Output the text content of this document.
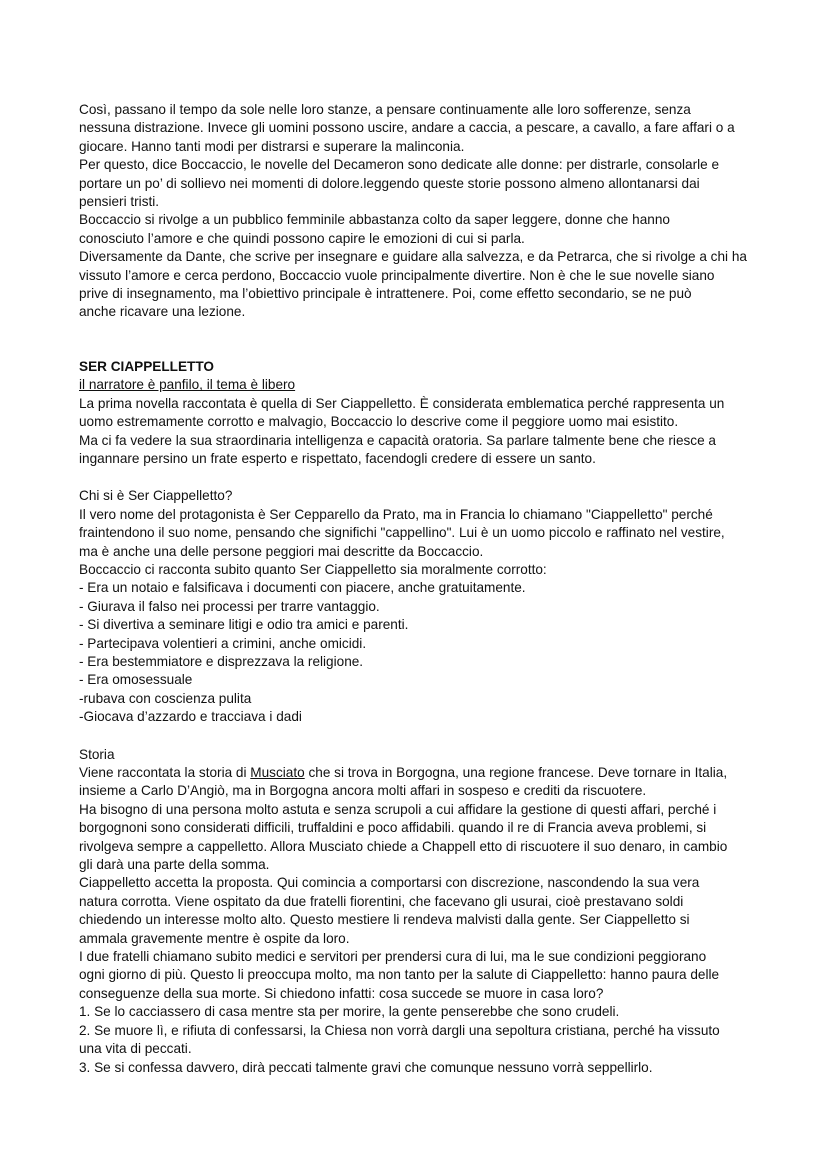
Così, passano il tempo da sole nelle loro stanze, a pensare continuamente alle loro sofferenze, senza
nessuna distrazione. Invece gli uomini possono uscire, andare a caccia, a pescare, a cavallo, a fare affari o a
giocare. Hanno tanti modi per distrarsi e superare la malinconia.
Per questo, dice Boccaccio, le novelle del Decameron sono dedicate alle donne: per distrarle, consolarle e
portare un po’ di sollievo nei momenti di dolore.leggendo queste storie possono almeno allontanarsi dai
pensieri tristi.
Boccaccio si rivolge a un pubblico femminile abbastanza colto da saper leggere, donne che hanno
conosciuto l’amore e che quindi possono capire le emozioni di cui si parla.
Diversamente da Dante, che scrive per insegnare e guidare alla salvezza, e da Petrarca, che si rivolge a chi ha
vissuto l’amore e cerca perdono, Boccaccio vuole principalmente divertire. Non è che le sue novelle siano
prive di insegnamento, ma l’obiettivo principale è intrattenere. Poi, come effetto secondario, se ne può
anche ricavare una lezione.
SER CIAPPELLETTO
il narratore è panfilo, il tema è libero
La prima novella raccontata è quella di Ser Ciappelletto. È considerata emblematica perché rappresenta un
uomo estremamente corrotto e malvagio, Boccaccio lo descrive come il peggiore uomo mai esistito.
Ma ci fa vedere la sua straordinaria intelligenza e capacità oratoria. Sa parlare talmente bene che riesce a
ingannare persino un frate esperto e rispettato, facendogli credere di essere un santo.
Chi si è Ser Ciappelletto?
Il vero nome del protagonista è Ser Cepparello da Prato, ma in Francia lo chiamano "Ciappelletto" perché
fraintendono il suo nome, pensando che significhi "cappellino". Lui è un uomo piccolo e raffinato nel vestire,
ma è anche una delle persone peggiori mai descritte da Boccaccio.
Boccaccio ci racconta subito quanto Ser Ciappelletto sia moralmente corrotto:
- Era un notaio e falsificava i documenti con piacere, anche gratuitamente.
- Giurava il falso nei processi per trarre vantaggio.
- Si divertiva a seminare litigi e odio tra amici e parenti.
- Partecipava volentieri a crimini, anche omicidi.
- Era bestemmiatore e disprezzava la religione.
- Era omosessuale
-rubava con coscienza pulita
-Giocava d’azzardo e tracciava i dadi
Storia
Viene raccontata la storia di Musciato che si trova in Borgogna, una regione francese. Deve tornare in Italia,
insieme a Carlo D’Angiò, ma in Borgogna ancora molti affari in sospeso e crediti da riscuotere.
Ha bisogno di una persona molto astuta e senza scrupoli a cui affidare la gestione di questi affari, perché i
borgognoni sono considerati difficili, truffaldini e poco affidabili. quando il re di Francia aveva problemi, si
rivolgeva sempre a cappelletto. Allora Musciato chiede a Chappell etto di riscuotere il suo denaro, in cambio
gli darà una parte della somma.
Ciappelletto accetta la proposta. Qui comincia a comportarsi con discrezione, nascondendo la sua vera
natura corrotta. Viene ospitato da due fratelli fiorentini, che facevano gli usurai, cioè prestavano soldi
chiedendo un interesse molto alto. Questo mestiere li rendeva malvisti dalla gente. Ser Ciappelletto si
ammala gravemente mentre è ospite da loro.
I due fratelli chiamano subito medici e servitori per prendersi cura di lui, ma le sue condizioni peggiorano
ogni giorno di più. Questo li preoccupa molto, ma non tanto per la salute di Ciappelletto: hanno paura delle
conseguenze della sua morte. Si chiedono infatti: cosa succede se muore in casa loro?
1. Se lo cacciassero di casa mentre sta per morire, la gente penserebbe che sono crudeli.
2. Se muore lì, e rifiuta di confessarsi, la Chiesa non vorrà dargli una sepoltura cristiana, perché ha vissuto
una vita di peccati.
3. Se si confessa davvero, dirà peccati talmente gravi che comunque nessuno vorrà seppellirlo.
